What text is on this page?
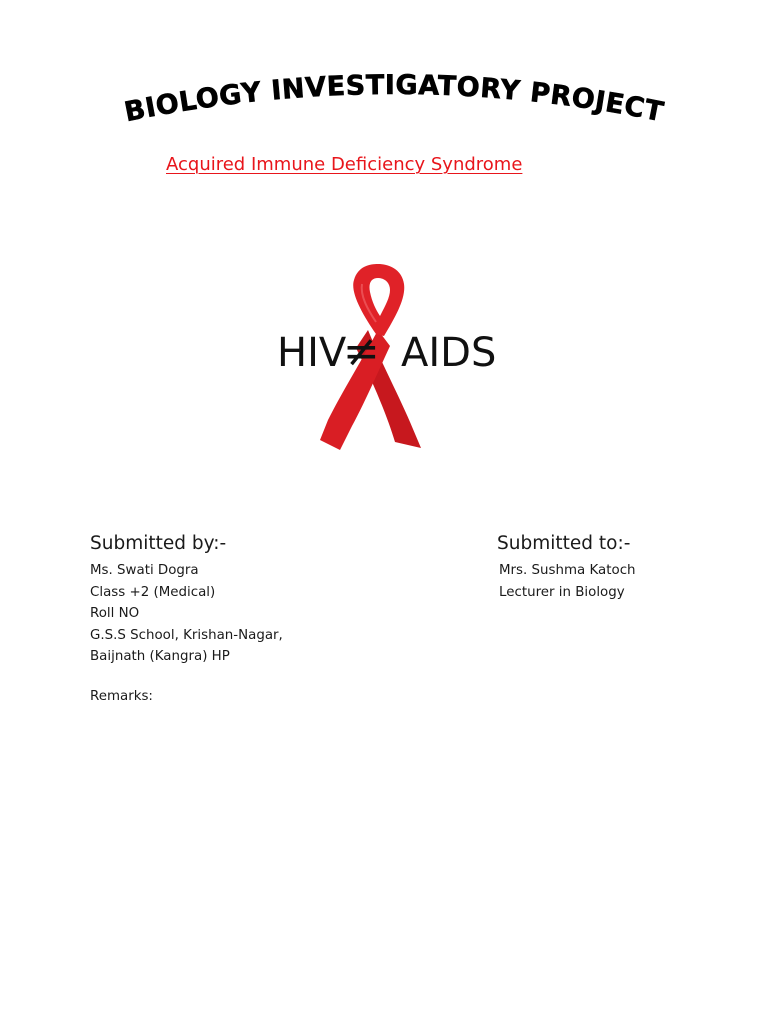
BIOLOGY INVESTIGATORY PROJECT
Acquired Immune Deficiency Syndrome
HIV
≠ AIDS
Submitted by:-
Ms. Swati Dogra
Class +2 (Medical)
Roll NO
G.S.S School, Krishan-Nagar,
Baijnath (Kangra) HP
Submitted to:-
Mrs. Sushma Katoch
Lecturer in Biology
Remarks:
